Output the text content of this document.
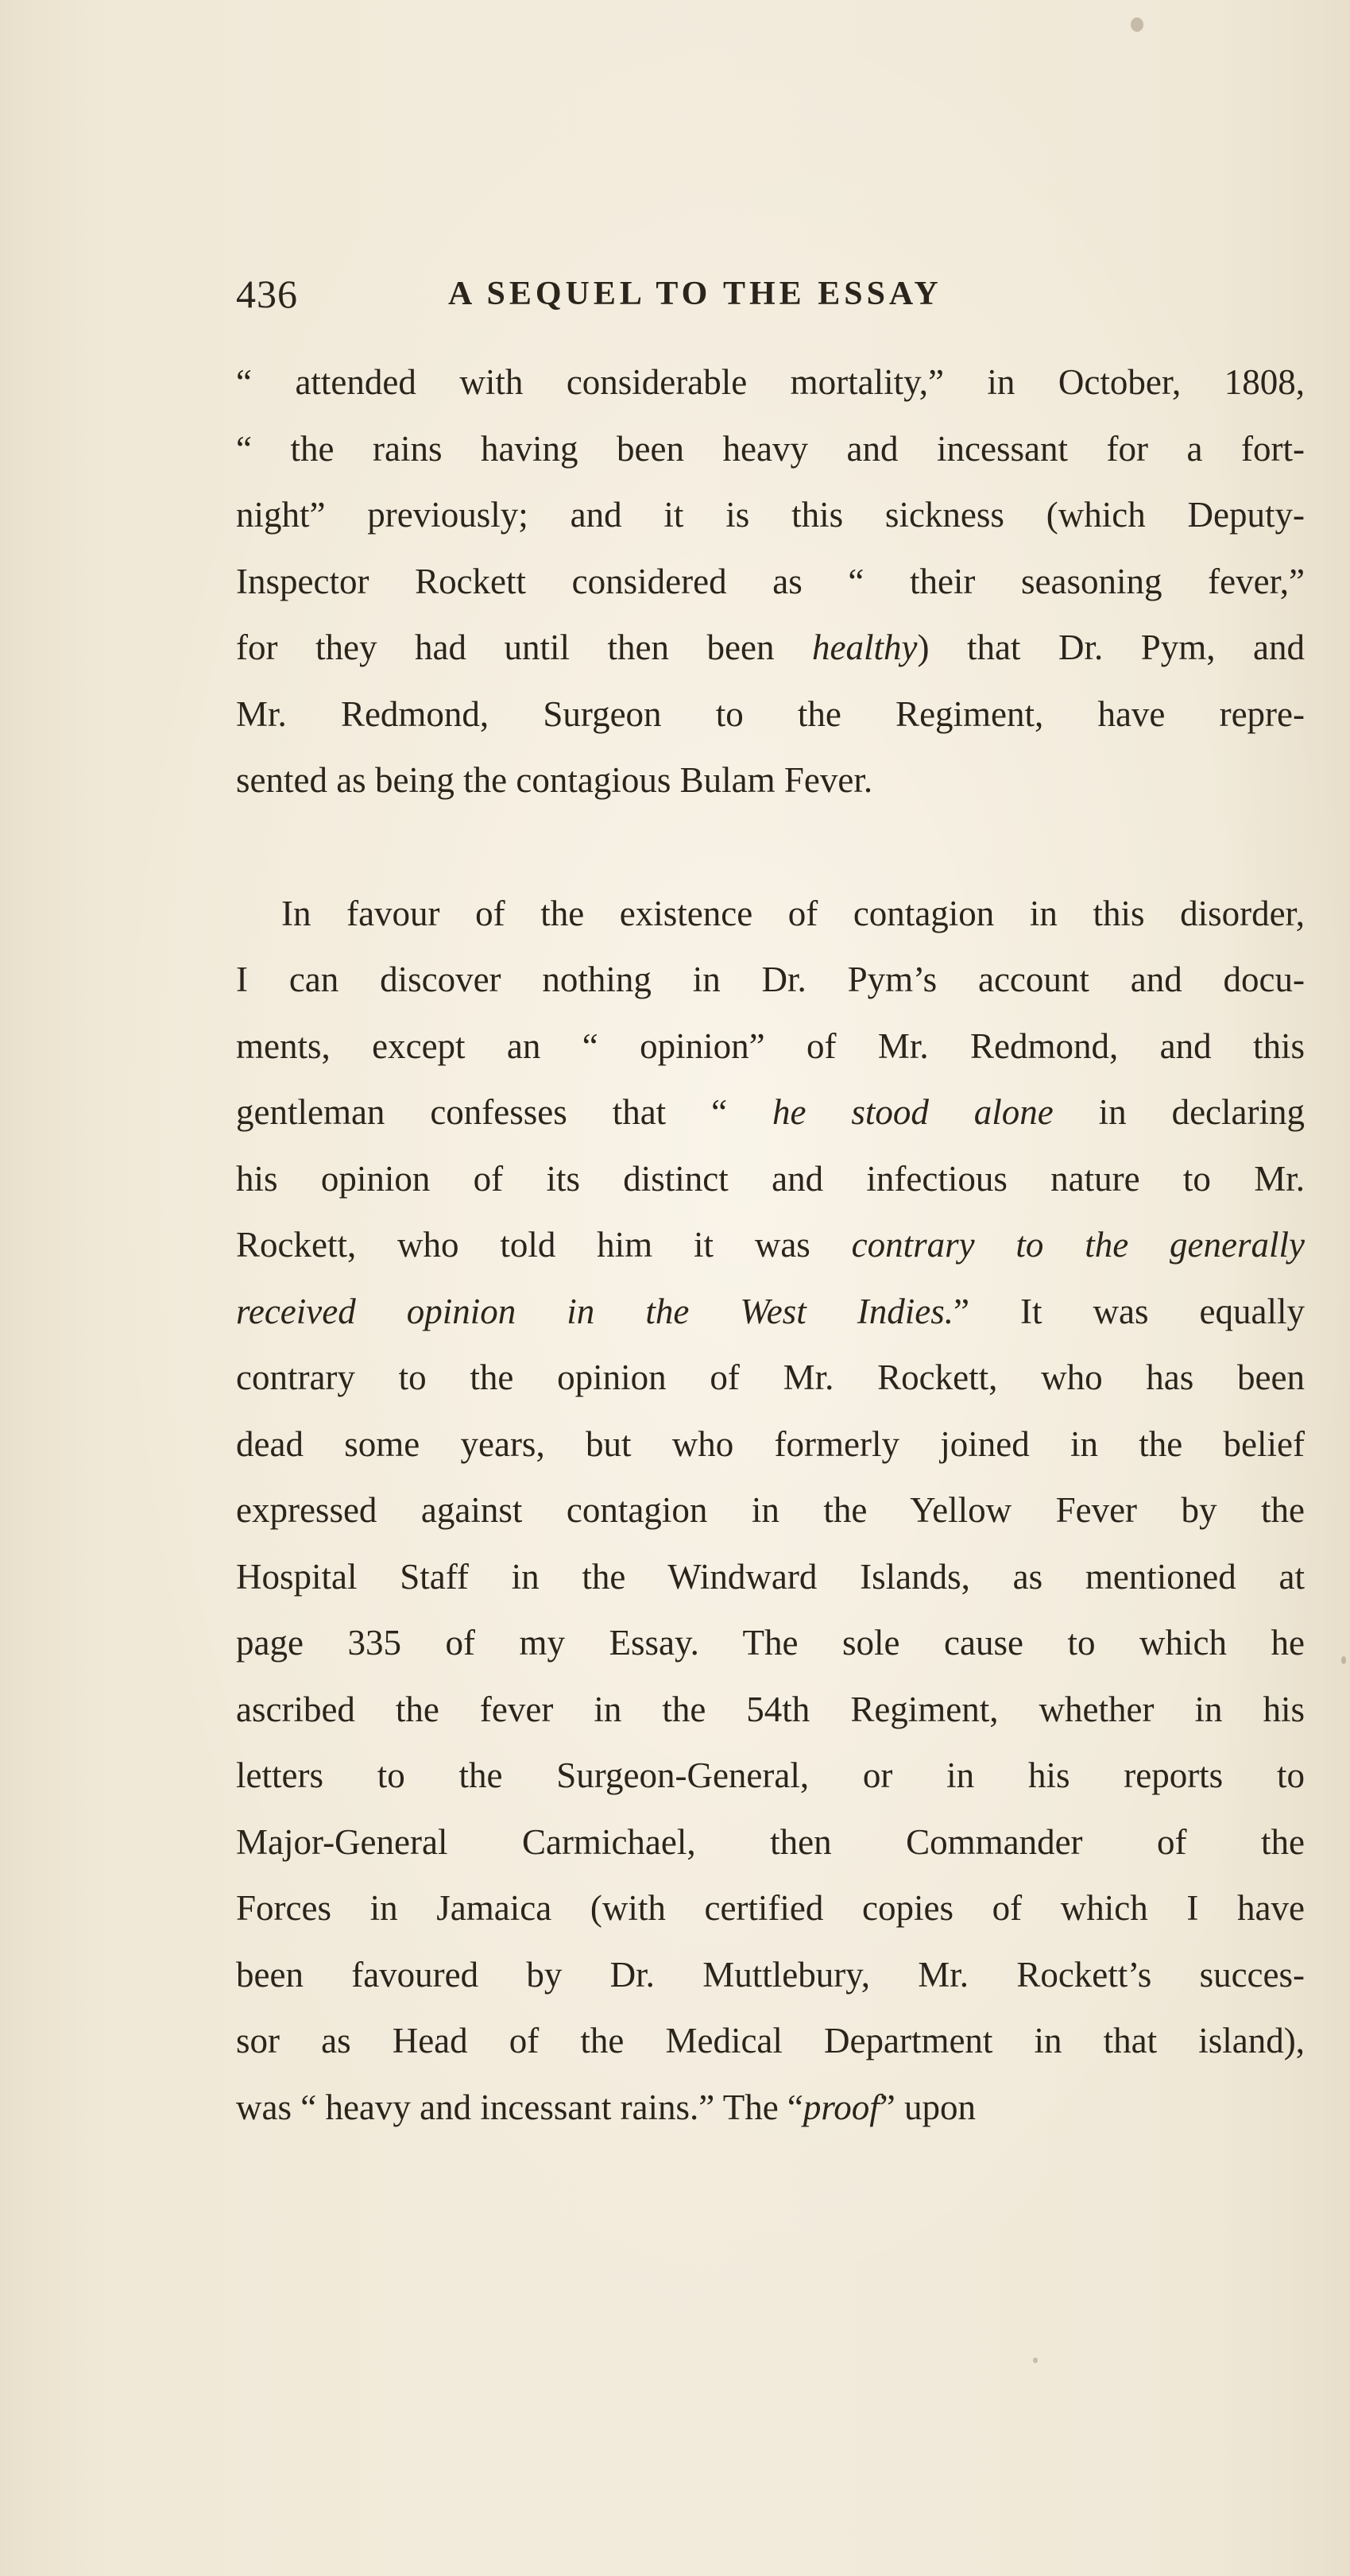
436	A SEQUEL TO THE ESSAY
“ attended with considerable mortality,” in October, 1808,
“ the rains having been heavy and incessant for a fort-
night” previously; and it is this sickness (which Deputy-
Inspector Rockett considered as “ their seasoning fever,”
for they had until then been healthy) that Dr. Pym, and
Mr. Redmond, Surgeon to the Regiment, have repre-
sented as being the contagious Bulam Fever.
In favour of the existence of contagion in this disorder,
I can discover nothing in Dr. Pym’s account and docu-
ments, except an “ opinion” of Mr. Redmond, and this
gentleman confesses that “ he stood alone in declaring
his opinion of its distinct and infectious nature to Mr.
Rockett, who told him it was contrary to the generally
received opinion in the West Indies.” It was equally
contrary to the opinion of Mr. Rockett, who has been
dead some years, but who formerly joined in the belief
expressed against contagion in the Yellow Fever by the
Hospital Staff in the Windward Islands, as mentioned at
page 335 of my Essay. The sole cause to which he
ascribed the fever in the 54th Regiment, whether in his
letters to the Surgeon-General, or in his reports to
Major-General Carmichael, then Commander of the
Forces in Jamaica (with certified copies of which I have
been favoured by Dr. Muttlebury, Mr. Rockett’s succes-
sor as Head of the Medical Department in that island),
was “ heavy and incessant rains.” The “proof” upon
